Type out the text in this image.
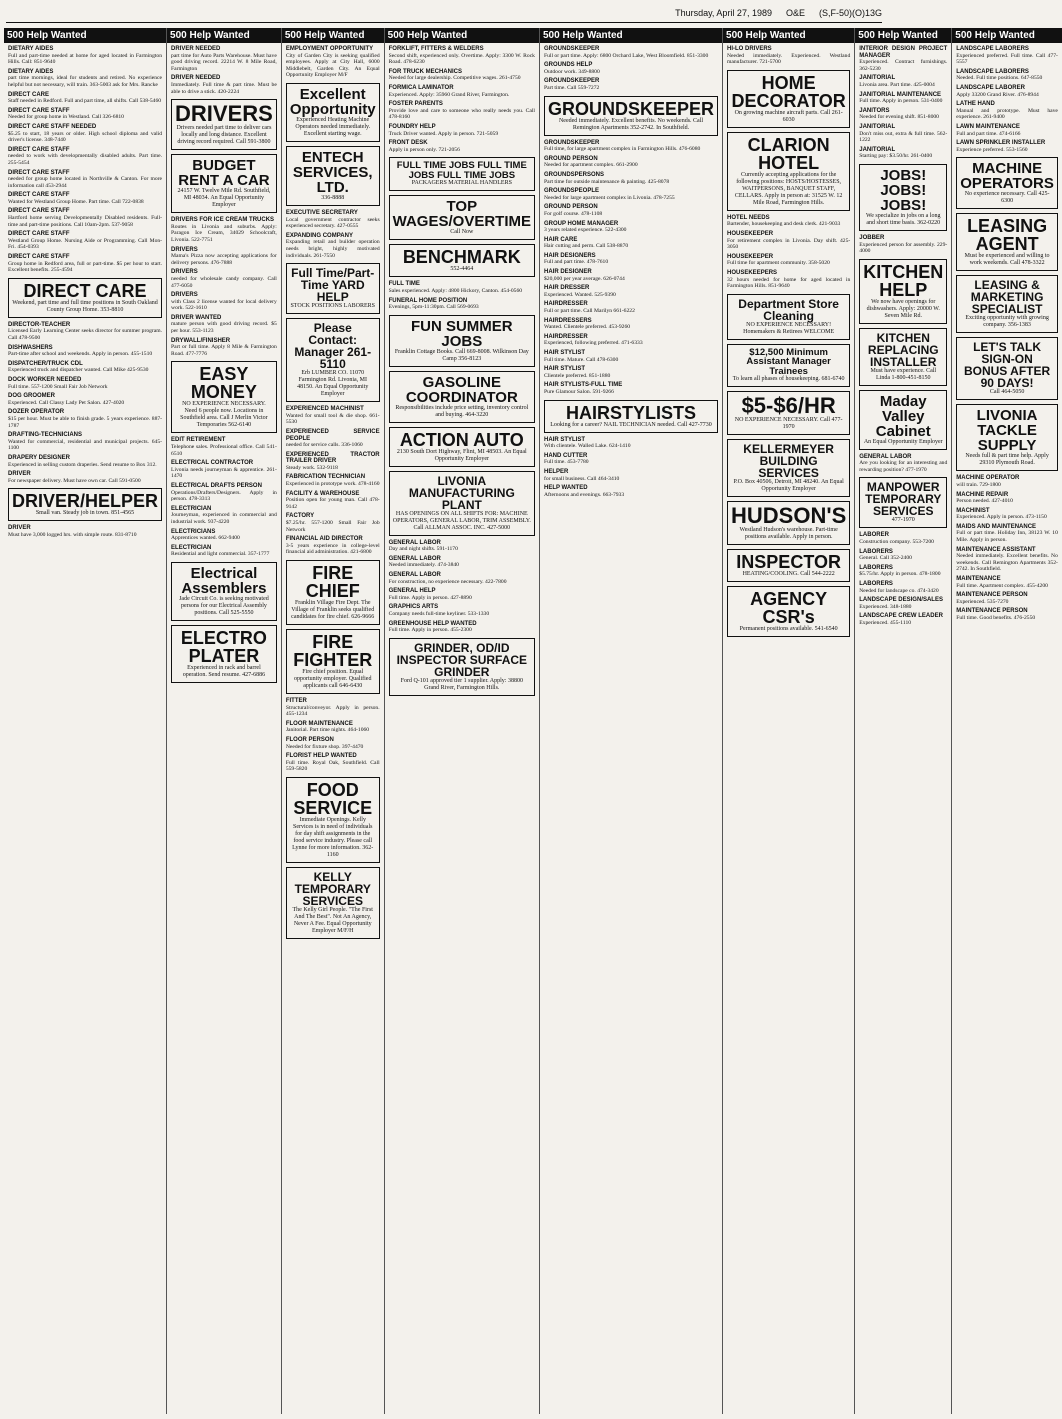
Thursday, April 27, 1989 O&E (S,F-50)(O)13G
500 Help Wanted
DIETARY AIDES
Full and part-time needed at home for aged located in Farmington Hills. Call: 851-9640
DIETARY AIDES
part time mornings, ideal for students and retired. No experience helpful but not necessary, will train. 363-5003 ask for Mrs. Rancke
DIRECT CARE
Staff needed in Redford. Full and part time, all shifts. Call 538-5460
DIRECT CARE STAFF
Needed for group home in Westland. Call 326-6810
DIRECT CARE STAFF NEEDED
$5.25 to start, 18 years or older. High school diploma and valid driver's license. 348-7440
DIRECT CARE STAFF
needed to work with developmentally disabled adults. Part time. 255-5454
DIRECT CARE STAFF
needed for group home located in Northville & Canton. For more information call 453-2944
DIRECT CARE STAFF
Wanted for Westland Group Home. Part time. Call 722-0838
DIRECT CARE STAFF
Hartford home serving Developmentally Disabled residents. Full-time and part-time positions. Call 10am-2pm. 537-9058
DIRECT CARE STAFF
Westland Group Home. Nursing Aide or Programming. Call Mon-Fri. 454-0393
DIRECT CARE STAFF
Group home in Redford area, full or part-time. $5 per hour to start. Excellent benefits. 255-4594
DIRECT CARE
Weekend, part time and full time positions in South Oakland County Group Home. 353-8810
DIRECTOR-TEACHER
Licensed Early Learning Center seeks director for summer program. Call 478-9500
DISHWASHERS
Part-time after school and weekends. Apply in person. 455-1510
DISPATCHER/TRUCK CDL
Experienced truck and dispatcher wanted. Call Mike 425-9530
DOCK WORKER NEEDED
Full time. 557-1200 Small Fair Job Network
DOG GROOMER
Experienced. Call Classy Lady Pet Salon. 427-4020
DOZER OPERATOR
$15 per hour. Must be able to finish grade. 5 years experience. 887-1787
DRAFTING-TECHNICIANS
Wanted for commercial, residential and municipal projects. 645-1100
DRAPERY DESIGNER
Experienced in selling custom draperies. Send resume to Box 312.
DRIVER
For newspaper delivery. Must have own car. Call 591-0500
DRIVER/HELPER
Small van. Steady job in town. 851-4565
DRIVER
Must have 3,000 logged hrs. with simple route. 831-8710
500 Help Wanted
DRIVER NEEDED
part time for Auto Parts Warehouse. Must have good driving record. 22214 W. 8 Mile Road, Farmington
DRIVER NEEDED
Immediately. Full time & part time. Must be able to drive a stick. 420-2224
DRIVERS
Drivers needed part time to deliver cars locally and long distance. Excellent driving record required. Call 591-3800
BUDGET RENT A CAR
24157 W. Twelve Mile Rd. Southfield, MI 48034. An Equal Opportunity Employer
DRIVERS FOR ICE CREAM TRUCKS
Routes in Livonia and suburbs. Apply: Paragon Ice Cream, 34029 Schoolcraft, Livonia. 522-7751
DRIVERS
Mama's Pizza now accepting applications for delivery persons. 476-7888
DRIVERS
needed for wholesale candy company. Call 477-6050
DRIVERS
with Class 2 license wanted for local delivery work. 522-1610
DRIVER WANTED
mature person with good driving record. $5 per hour. 553-1123
DRYWALL/FINISHER
Part or full time. Apply 8 Mile & Farmington Road. 477-7776
EASY MONEY
NO EXPERIENCE NECESSARY. Need 6 people now. Locations in Southfield area. Call J Merlin Victor Temporaries 562-6140
EDIT RETIREMENT
Telephone sales. Professional office. Call 541-6510
ELECTRICAL CONTRACTOR
Livonia needs journeyman & apprentice. 261-1470
ELECTRICAL DRAFTS PERSON
Operations/Drafters/Designers. Apply in person. 478-3313
ELECTRICIAN
Journeyman, experienced in commercial and industrial work. 937-4220
ELECTRICIANS
Apprentices wanted. 662-9400
ELECTRICIAN
Residential and light commercial. 357-1777
Electrical Assemblers
Jade Circuit Co. is seeking motivated persons for our Electrical Assembly positions. Call 525-5550
ELECTRO PLATER
Experienced in rack and barrel operation. Send resume. 427-6886
500 Help Wanted
EMPLOYMENT OPPORTUNITY
City of Garden City is seeking qualified employees. Apply at City Hall, 6000 Middlebelt, Garden City. An Equal Opportunity Employer M/F
Excellent Opportunity
Experienced Heating Machine Operators needed immediately. Excellent starting wage.
ENTECH SERVICES, LTD.
336-8888
EXECUTIVE SECRETARY
Local government contractor seeks experienced secretary. 427-0555
EXPANDING COMPANY
Expanding retail and builder operation needs bright, highly motivated individuals. 261-7550
Full Time/Part-Time YARD HELP
STOCK POSITIONS LABORERS
Please Contact: Manager 261-5110
Erb LUMBER CO. 11070 Farmington Rd. Livonia, MI 48150. An Equal Opportunity Employer
EXPERIENCED MACHINIST
Wanted for small tool & die shop. 661-5530
EXPERIENCED SERVICE PEOPLE
needed for service calls. 336-1060
EXPERIENCED TRACTOR TRAILER DRIVER
Steady work. 532-9118
FABRICATION TECHNICIAN
Experienced in prototype work. 478-4160
FACILITY & WAREHOUSE
Position open for young man. Call 478-9142
FACTORY
$7.25/hr. 557-1200 Small Fair Job Network
FINANCIAL AID DIRECTOR
3-5 years experience in college-level financial aid administration. 421-6800
FIRE CHIEF
Franklin Village Fire Dept. The Village of Franklin seeks qualified candidates for fire chief. 626-9666
FIRE FIGHTER
Fire chief position. Equal opportunity employer. Qualified applicants call 646-6430
FITTER
Structural/conveyor. Apply in person. 455-1234
FLOOR MAINTENANCE
Janitorial. Part time nights. 464-1060
FLOOR PERSON
Needed for fixture shop. 397-4470
FLORIST HELP WANTED
Full time. Royal Oak, Southfield. Call 559-5820
FOOD SERVICE
Immediate Openings. Kelly Services is in need of individuals for day shift assignments in the food service industry. Please call Lynne for more information. 362-1160
KELLY TEMPORARY SERVICES
The Kelly Girl People. "The First And The Best". Not An Agency, Never A Fee. Equal Opportunity Employer M/F/H
500 Help Wanted
FORKLIFT, FITTERS & WELDERS
Second shift, experienced only. Overtime. Apply: 3300 W. Rock Road. 478-6230
FOR TRUCK MECHANICS
Needed for large dealership. Competitive wages. 261-4750
FORMICA LAMINATOR
Experienced. Apply: 35960 Grand River, Farmington.
FOSTER PARENTS
Provide love and care to someone who really needs you. Call 478-8160
FOUNDRY HELP
Truck Driver wanted. Apply in person. 721-5059
FRONT DESK
Apply in person only. 721-2056
FULL TIME JOBS FULL TIME JOBS FULL TIME JOBS
PACKAGERS MATERIAL HANDLERS
TOP WAGES/OVERTIME
Call Now
BENCHMARK
552-4464
FULL TIME
Sales experienced. Apply: 4800 Hickory, Canton. 454-0560
FUNERAL HOME POSITION
Evenings, 5pm-11:30pm. Call 569-0693
FUN SUMMER JOBS
Franklin Cottage Books. Call 669-8008. Wilkinson Day Camp 356-8123
GASOLINE COORDINATOR
Responsibilities include price setting, inventory control and buying. 464-3220
ACTION AUTO
2130 South Dort Highway, Flint, MI 48503. An Equal Opportunity Employer
LIVONIA MANUFACTURING PLANT
HAS OPENINGS ON ALL SHIFTS FOR: MACHINE OPERATORS, GENERAL LABOR, TRIM ASSEMBLY. Call ALLMAN ASSOC. INC. 427-5000
GENERAL LABOR
Day and night shifts. 591-1170
GENERAL LABOR
Needed immediately. 474-3840
GENERAL LABOR
For construction, no experience necessary. 422-7800
GENERAL HELP
Full time. Apply in person. 427-8890
GRAPHICS ARTS
Company needs full-time keyliner. 533-1330
GREENHOUSE HELP WANTED
Full time. Apply in person. 455-2300
GRINDER, OD/ID INSPECTOR SURFACE GRINDER
Ford Q-101 approved tier 1 supplier. Apply: 38800 Grand River, Farmington Hills.
500 Help Wanted
GROUNDSKEEPER
Full or part time. Apply: 6800 Orchard Lake, West Bloomfield. 851-3300
GROUNDS HELP
Outdoor work. 349-8800
GROUNDSKEEPER
Part time. Call 559-7272
GROUNDSKEEPER
Needed immediately. Excellent benefits. No weekends. Call Remington Apartments 352-2742. In Southfield.
GROUNDSKEEPER
Full time, for large apartment complex in Farmington Hills. 476-6080
GROUND PERSON
Needed for apartment complex. 661-2900
GROUNDSPERSONS
Part time for outside maintenance & painting. 425-8078
GROUNDSPEOPLE
Needed for large apartment complex in Livonia. 478-7255
GROUND PERSON
For golf course. 478-1108
GROUP HOME MANAGER
3 years related experience. 522-4300
HAIR CARE
Hair cutting and perm. Call 538-8870
HAIR DESIGNERS
Full and part time. 478-7610
HAIR DESIGNER
$20,000 per year average. 626-0744
HAIR DRESSER
Experienced. Wanted. 525-9390
HAIRDRESSER
Full or part time. Call Marilyn 661-6222
HAIRDRESSERS
Wanted. Clientele preferred. 453-9260
HAIRDRESSER
Experienced, following preferred. 471-6333
HAIR STYLIST
Full time. Mature. Call 478-6300
HAIR STYLIST
Clientele preferred. 851-1880
HAIR STYLISTS-FULL TIME
Pure Glamour Salon. 591-9266
HAIRSTYLISTS
Looking for a career? NAIL TECHNICIAN needed. Call 427-7730
HAIR STYLIST
With clientele. Walled Lake. 624-1410
HAND CUTTER
Full time. 453-7780
HELPER
for small business. Call 464-3410
HELP WANTED
Afternoons and evenings. 663-7933
500 Help Wanted
HI-LO DRIVERS
Needed immediately. Experienced. Westland manufacturer. 721-5700
HOME DECORATOR
On growing machine aircraft parts. Call 261-6030
CLARION HOTEL
Currently accepting applications for the following positions: HOSTS/HOSTESSES, WAITPERSONS, BANQUET STAFF, CELLARS. Apply in person at: 31525 W. 12 Mile Road, Farmington Hills.
HOTEL NEEDS
Bartender, housekeeping and desk clerk. 421-9033
HOUSEKEEPER
For retirement complex in Livonia. Day shift. 425-3050
HOUSEKEEPER
Full time for apartment community. 358-5020
HOUSEKEEPERS
32 hours needed for home for aged located in Farmington Hills. 851-9640
Department Store Cleaning
NO EXPERIENCE NECESSARY! Homemakers & Retirees WELCOME
$12,500 Minimum Assistant Manager Trainees
To learn all phases of housekeeping. 681-6740
$5-$6/HR
NO EXPERIENCE NECESSARY. Call 477-1970
KELLERMEYER BUILDING SERVICES
P.O. Box 40506, Detroit, MI 48240. An Equal Opportunity Employer
HUDSON'S
Westland Hudson's warehouse. Part-time positions available. Apply in person.
INSPECTOR
HEATING/COOLING. Call 544-2222
AGENCY CSR's
Permanent positions available. 541-6540
500 Help Wanted
INTERIOR DESIGN PROJECT MANAGER
Experienced. Contract furnishings. 362-5230
JANITORIAL
Livonia area. Part time. 425-0004
JANITORIAL MAINTENANCE
Full time. Apply in person. 531-0400
JANITORS
Needed for evening shift. 851-8000
JANITORIAL
Don't miss out, extra & full time. 562-1222
JANITORIAL
Starting pay: $3.50/hr. 261-0400
JOBS! JOBS! JOBS!
We specialize in jobs on a long and short time basis. 362-0220
JOBBER
Experienced person for assembly. 229-4000
KITCHEN HELP
We now have openings for dishwashers. Apply: 20000 W. Seven Mile Rd.
KITCHEN REPLACING INSTALLER
Must have experience. Call Linda 1-800-451-8150
Maday Valley Cabinet
An Equal Opportunity Employer
GENERAL LABOR
Are you looking for an interesting and rewarding position? 477-1970
MANPOWER TEMPORARY SERVICES
477-1970
LABORER
Construction company. 553-7200
LABORERS
General. Call 352-2400
LABORERS
$5.75/hr. Apply in person. 478-1800
LABORERS
Needed for landscape co. 474-3420
LANDSCAPE DESIGN/SALES
Experienced. 348-1880
LANDSCAPE CREW LEADER
Experienced. 455-1110
500 Help Wanted
LANDSCAPE LABORERS
Experienced preferred. Full time. Call 477-5557
LANDSCAPE LABORERS
Needed. Full time positions. 647-8550
LANDSCAPE LABORER
Apply 33200 Grand River. 476-8944
LATHE HAND
Manual and prototype. Must have experience. 261-9400
LAWN MAINTENANCE
Full and part time. 474-6166
LAWN SPRINKLER INSTALLER
Experience preferred. 553-1560
MACHINE OPERATORS
No experience necessary. Call 425-6300
LEASING AGENT
Must be experienced and willing to work weekends. Call 478-3322
LEASING & MARKETING SPECIALIST
Exciting opportunity with growing company. 356-1383
LET'S TALK SIGN-ON BONUS AFTER 90 DAYS!
Call 464-5050
LIVONIA TACKLE SUPPLY
Needs full & part time help. Apply 29310 Plymouth Road.
MACHINE OPERATOR
will train. 729-1800
MACHINE REPAIR
Person needed. 427-4010
MACHINIST
Experienced. Apply in person. 473-1150
MAIDS AND MAINTENANCE
Full or part time. Holiday Inn, 38123 W. 10 Mile. Apply in person.
MAINTENANCE ASSISTANT
Needed immediately. Excellent benefits. No weekends. Call Remington Apartments 352-2742. In Southfield.
MAINTENANCE
Full time. Apartment complex. 455-4200
MAINTENANCE PERSON
Experienced. 535-7270
MAINTENANCE PERSON
Full time. Good benefits. 476-2550
